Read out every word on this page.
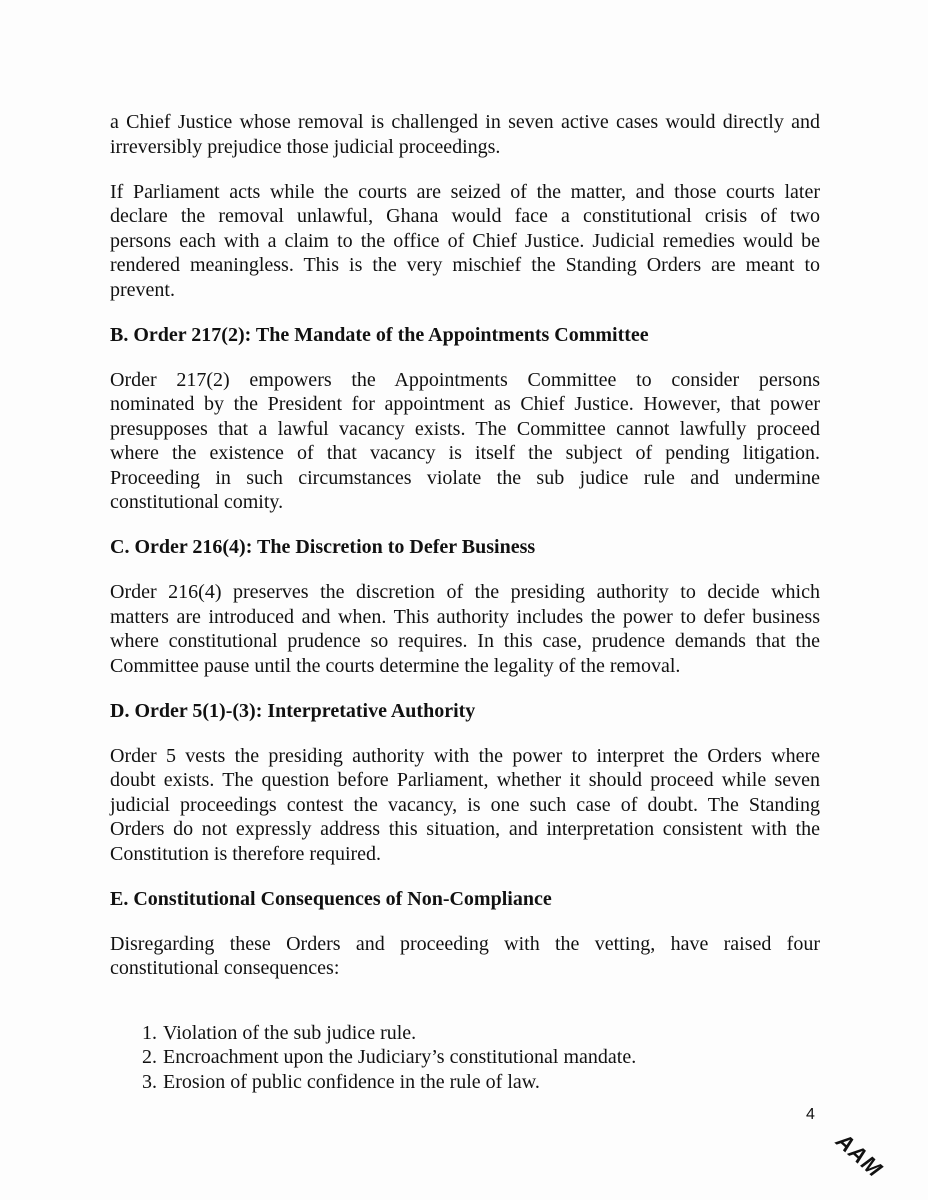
a Chief Justice whose removal is challenged in seven active cases would directly and
irreversibly prejudice those judicial proceedings.
If Parliament acts while the courts are seized of the matter, and those courts later
declare the removal unlawful, Ghana would face a constitutional crisis of two
persons each with a claim to the office of Chief Justice. Judicial remedies would be
rendered meaningless. This is the very mischief the Standing Orders are meant to
prevent.
B. Order 217(2): The Mandate of the Appointments Committee
Order 217(2) empowers the Appointments Committee to consider persons
nominated by the President for appointment as Chief Justice. However, that power
presupposes that a lawful vacancy exists. The Committee cannot lawfully proceed
where the existence of that vacancy is itself the subject of pending litigation.
Proceeding in such circumstances violate the sub judice rule and undermine
constitutional comity.
C. Order 216(4): The Discretion to Defer Business
Order 216(4) preserves the discretion of the presiding authority to decide which
matters are introduced and when. This authority includes the power to defer business
where constitutional prudence so requires. In this case, prudence demands that the
Committee pause until the courts determine the legality of the removal.
D. Order 5(1)-(3): Interpretative Authority
Order 5 vests the presiding authority with the power to interpret the Orders where
doubt exists. The question before Parliament, whether it should proceed while seven
judicial proceedings contest the vacancy, is one such case of doubt. The Standing
Orders do not expressly address this situation, and interpretation consistent with the
Constitution is therefore required.
E. Constitutional Consequences of Non-Compliance
Disregarding these Orders and proceeding with the vetting, have raised four
constitutional consequences:
1. Violation of the sub judice rule.
2. Encroachment upon the Judiciary’s constitutional mandate.
3. Erosion of public confidence in the rule of law.
4
AAM
